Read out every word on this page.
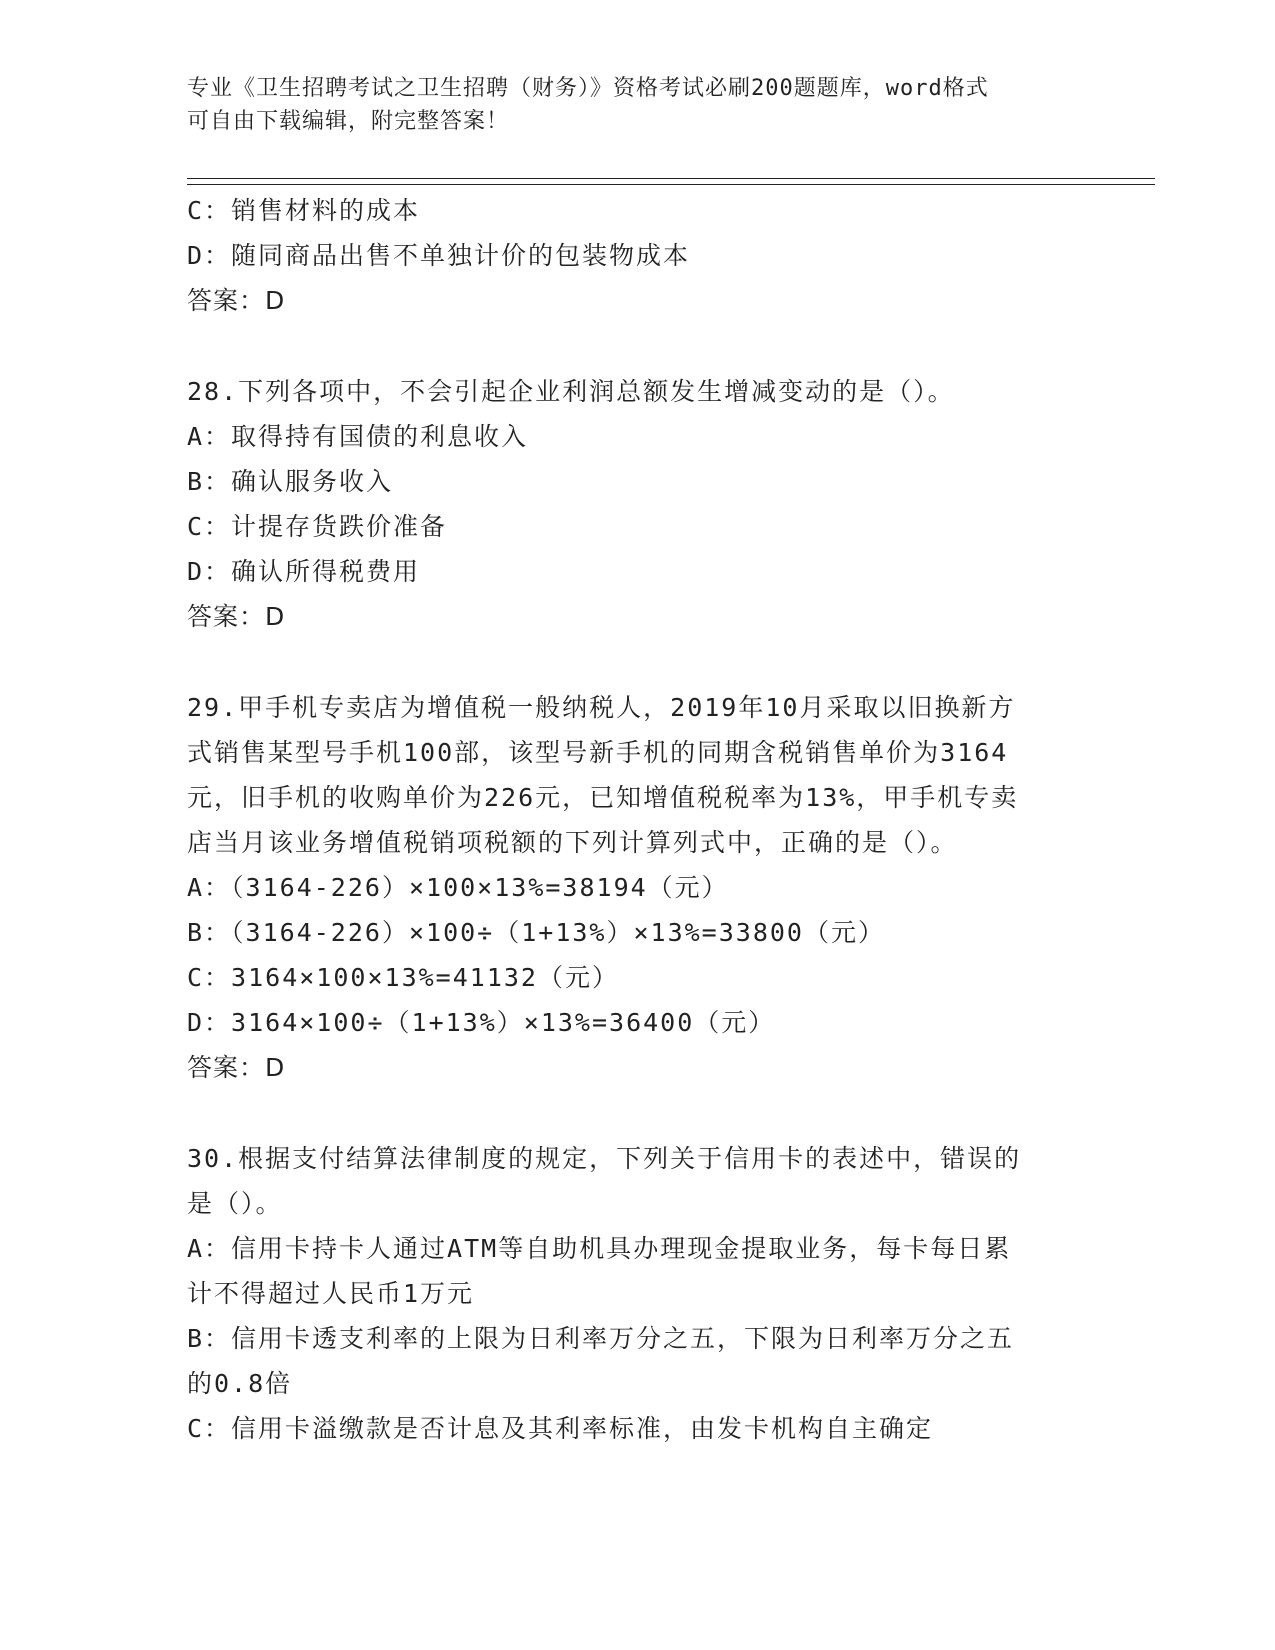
专业《卫生招聘考试之卫生招聘（财务）》资格考试必刷200题题库，word格式
可自由下载编辑，附完整答案！
C：销售材料的成本
D：随同商品出售不单独计价的包装物成本
答案：D
28.下列各项中，不会引起企业利润总额发生增减变动的是（）。
A：取得持有国债的利息收入
B：确认服务收入
C：计提存货跌价准备
D：确认所得税费用
答案：D
29.甲手机专卖店为增值税一般纳税人，2019年10月采取以旧换新方
式销售某型号手机100部，该型号新手机的同期含税销售单价为3164
元，旧手机的收购单价为226元，已知增值税税率为13%，甲手机专卖
店当月该业务增值税销项税额的下列计算列式中，正确的是（）。
A：（3164-226）×100×13%=38194（元）
B：（3164-226）×100÷（1+13%）×13%=33800（元）
C：3164×100×13%=41132（元）
D：3164×100÷（1+13%）×13%=36400（元）
答案：D
30.根据支付结算法律制度的规定，下列关于信用卡的表述中，错误的
是（）。
A：信用卡持卡人通过ATM等自助机具办理现金提取业务，每卡每日累
计不得超过人民币1万元
B：信用卡透支利率的上限为日利率万分之五，下限为日利率万分之五
的0.8倍
C：信用卡溢缴款是否计息及其利率标准，由发卡机构自主确定
